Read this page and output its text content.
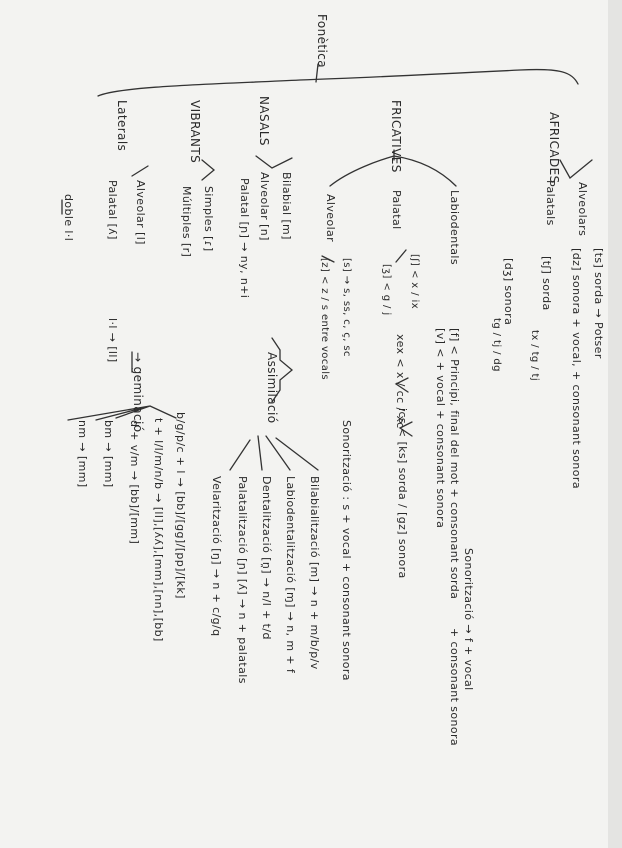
Fonètica
AFRICADES
FRICATIVES
NASALS
VIBRANTS
Laterals
Alveolars
Palatals
[ts] sorda → Potser
[dz] sonora + vocal, + consonant sonora
[tʃ] sorda
tx / tg / tj
[dʒ] sonora
tg / tj / dg
Sonorització → f + vocal
+ consonant sonora
Labiodentals
Palatal
Alveolar
[f] < Principi, final del mot + consonant sorda
[v] < + vocal + consonant sonora
[ʃ] < x / ix
[ʒ] < g / j
[s] → s, ss, c, ç, sc
[z] < z / s entre vocals
xex < x / cc / xc
ics < [ks] sorda / [gz] sonora
Sonorització : s + vocal + consonant sonora
Bilabial [m]
Alveolar [n]
Palatal [ɲ] → ny, n+i
Assimilació
Bilabialització [m] → n + m/b/p/v
Labiodentalització [ɱ] → n, m + f
Dentalització [n̪] → n/l + t/d
Palatalització [ɲ] [ʎ] → n + palatals
Velarització [ŋ] → n + c/g/q
Simples [ɾ]
Múltiples [r]
Alveolar [l]
Palatal [ʎ]
doble l·l
l·l → [ll]
→ geminació
b/g/p/c + l → [bb]/[gg]/[pp]/[kk]
t + l/l/m/n/b → [ll],[ʎʎ],[mm],[nn],[bb]
d + v/m → [bb]/[mm]
bm → [mm]
nm → [mm]
